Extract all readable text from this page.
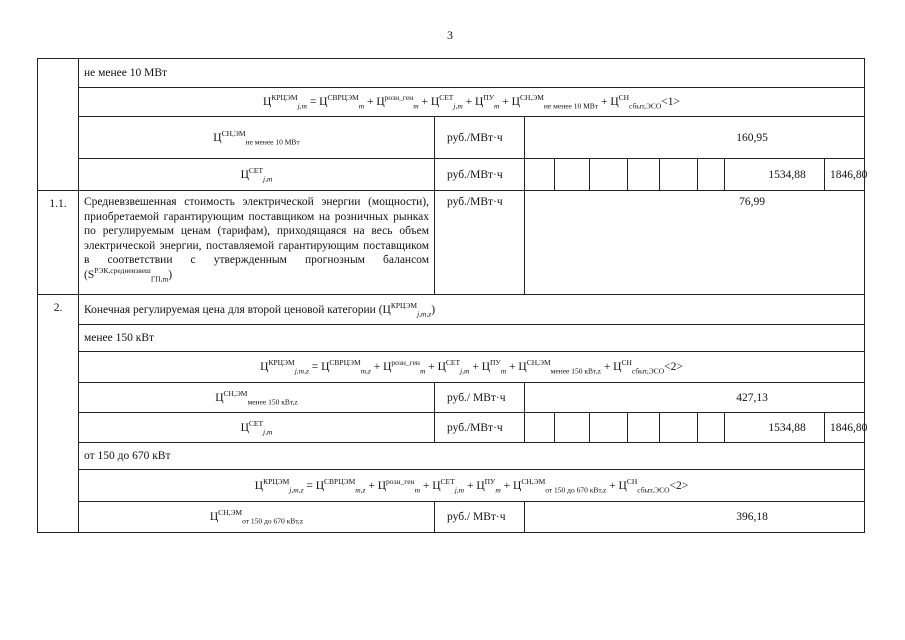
3
	не менее 10 МВт									
	$Ц^{КРЦЭМ}_{j,m} = Ц^{СВРЦЭМ}_m + Ц^{розн\_ген}_m + Ц^{СЕТ}_{j,m} + Ц^{ПУ}_m + Ц^{СН,ЭМ}_{не менее 10 МВт} + Ц^{СН}_{сбыт,ЭСО}<1>$									
	$Ц^{СН,ЭМ}_{не менее 10 МВт}$	руб./МВт·ч	160,95							
	$Ц^{СЕТ}_{j,m}$	руб./МВт·ч							1534,88	1846,80
1.1.	Средневзвешенная стоимость электрической энергии (мощности), приобретаемой гарантирующим поставщиком на розничных рынках по регулируемым ценам (тарифам), приходящаяся на весь объем электрической энергии, поставляемой гарантирующим поставщиком в соответствии с утвержденным прогнозным балансом $(S^{РЭК,средневзвеш}_{ГП,m})$	руб./МВт·ч	76,99							
2.	Конечная регулируемая цена для второй ценовой категории $(Ц^{КРЦЭМ}_{j,m,z})$									
	менее 150 кВт									
	$Ц^{КРЦЭМ}_{j,m,z} = Ц^{СВРЦЭМ}_{m,z} + Ц^{розн\_ген}_m + Ц^{СЕТ}_{j,m} + Ц^{ПУ}_m + Ц^{СН,ЭМ}_{менее 150 кВт,z} + Ц^{СН}_{сбыт,ЭСО}<2>$									
	$Ц^{СН,ЭМ}_{менее 150 кВт,z}$	руб./ МВт·ч	427,13							
	$Ц^{СЕТ}_{j,m}$	руб./МВт·ч							1534,88	1846,80
	от 150 до 670 кВт									
	$Ц^{КРЦЭМ}_{j,m,z} = Ц^{СВРЦЭМ}_{m,z} + Ц^{розн\_ген}_m + Ц^{СЕТ}_{j,m} + Ц^{ПУ}_m + Ц^{СН,ЭМ}_{от 150 до 670 кВт,z} + Ц^{СН}_{сбыт,ЭСО}<2>$									
	$Ц^{СН,ЭМ}_{от 150 до 670 кВт,z}$	руб./ МВт·ч	396,18							
